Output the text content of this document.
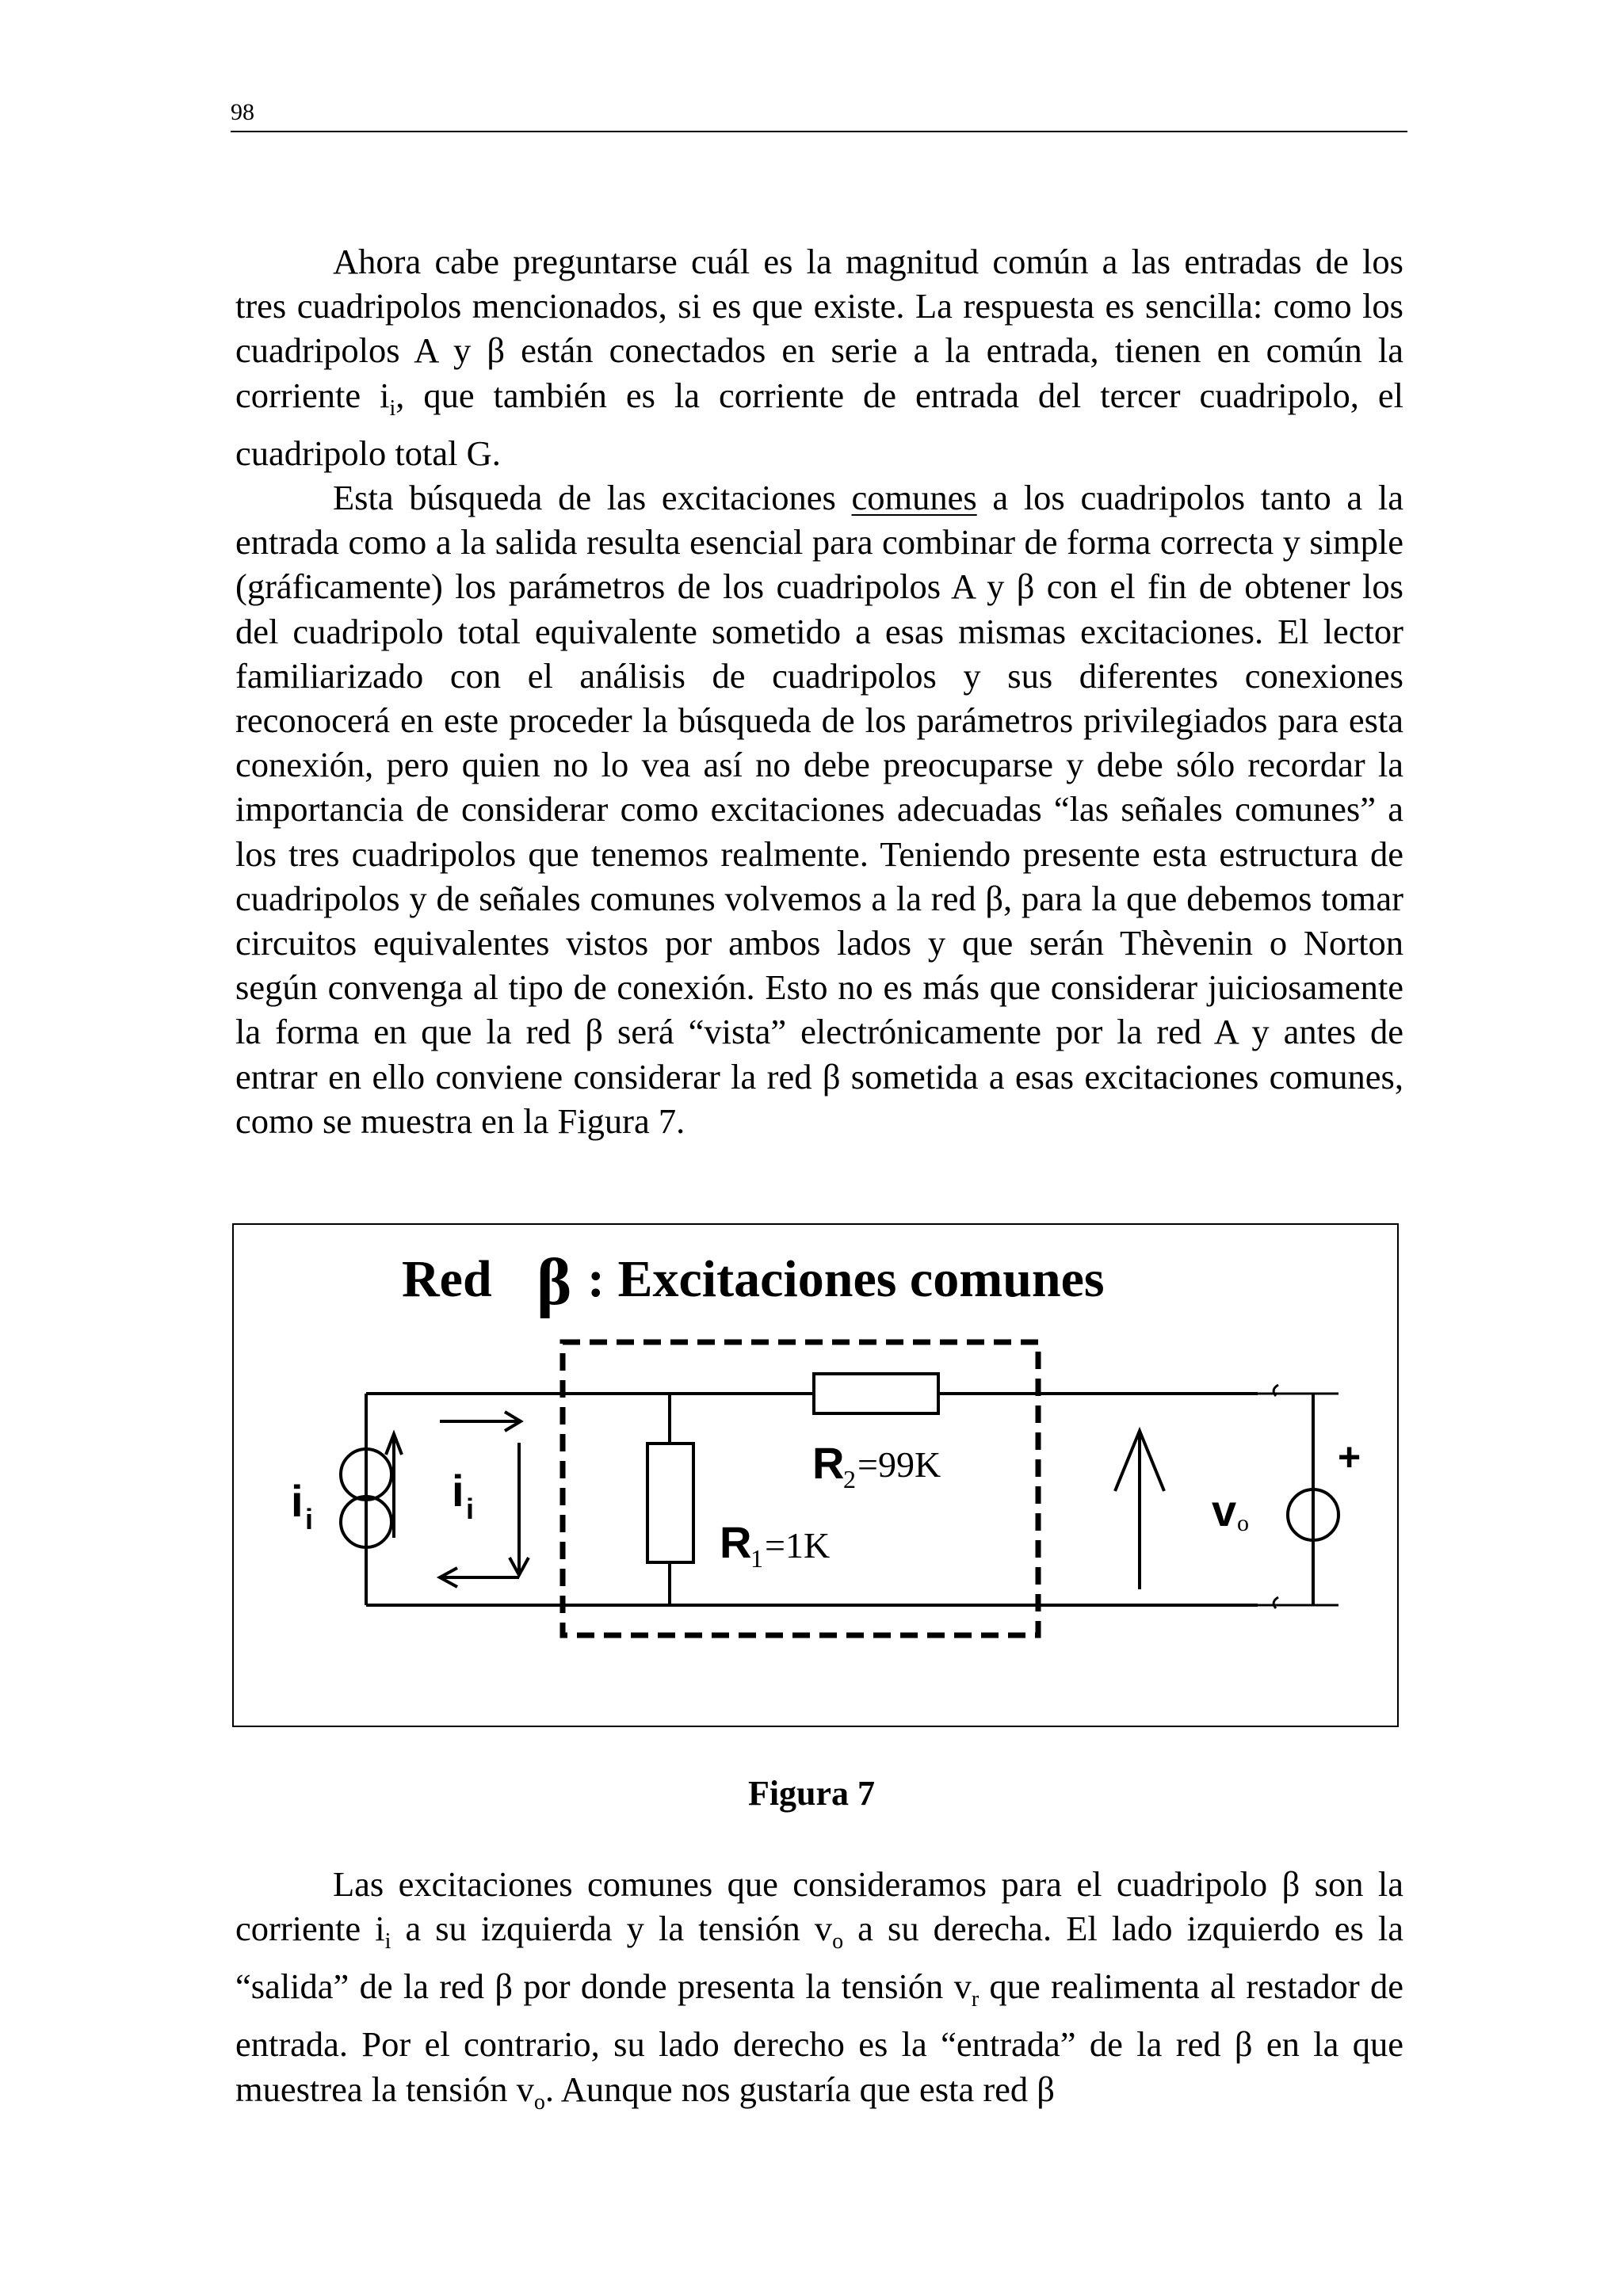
98

Ahora cabe preguntarse cuál es la magnitud común a las entradas de los tres cuadripolos mencionados, si es que existe. La respuesta es sencilla: como los cuadripolos A y β están conectados en serie a la entrada, tienen en común la corriente $i_i$, que también es la corriente de entrada del tercer cuadripolo, el cuadripolo total G.

Esta búsqueda de las excitaciones comunes a los cuadripolos tanto a la entrada como a la salida resulta esencial para combinar de forma correcta y simple (gráficamente) los parámetros de los cuadripolos A y β con el fin de obtener los del cuadripolo total equivalente sometido a esas mismas excitaciones. El lector familiarizado con el análisis de cuadripolos y sus diferentes conexiones reconocerá en este proceder la búsqueda de los parámetros privilegiados para esta conexión, pero quien no lo vea así no debe preocuparse y debe sólo recordar la importancia de considerar como excitaciones adecuadas “las señales comunes” a los tres cuadripolos que tenemos realmente. Teniendo presente esta estructura de cuadripolos y de señales comunes volvemos a la red β, para la que debemos tomar circuitos equivalentes vistos por ambos lados y que serán Thèvenin o Norton según convenga al tipo de conexión. Esto no es más que considerar juiciosamente la forma en que la red β será “vista” electrónicamente por la red A y antes de entrar en ello conviene considerar la red β sometida a esas excitaciones comunes, como se muestra en la Figura 7.

Red β : Excitaciones comunes
i i
i i
R
1 =1K
R
2 =99K
v o
+
Figura 7

Las excitaciones comunes que consideramos para el cuadripolo β son la corriente $i_i$ a su izquierda y la tensión $v_o$ a su derecha. El lado izquierdo es la “salida” de la red β por donde presenta la tensión $v_r$ que realimenta al restador de entrada. Por el contrario, su lado derecho es la “entrada” de la red β en la que muestrea la tensión $v_o$. Aunque nos gustaría que esta red β
